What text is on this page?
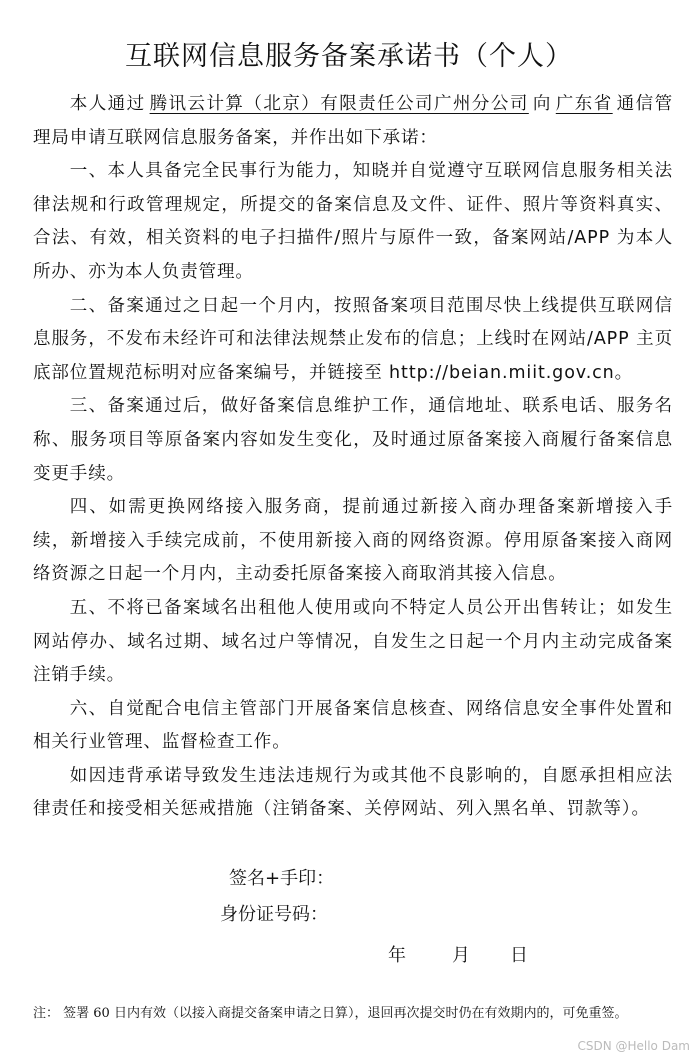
互联网信息服务备案承诺书（个人）

本人通过 腾讯云计算（北京）有限责任公司广州分公司 向 广东省 通信管理局申请互联网信息服务备案，并作出如下承诺：

一、本人具备完全民事行为能力，知晓并自觉遵守互联网信息服务相关法律法规和行政管理规定，所提交的备案信息及文件、证件、照片等资料真实、合法、有效，相关资料的电子扫描件/照片与原件一致，备案网站/APP 为本人所办、亦为本人负责管理。

二、备案通过之日起一个月内，按照备案项目范围尽快上线提供互联网信息服务，不发布未经许可和法律法规禁止发布的信息；上线时在网站/APP 主页底部位置规范标明对应备案编号，并链接至 http://beian.miit.gov.cn。

三、备案通过后，做好备案信息维护工作，通信地址、联系电话、服务名称、服务项目等原备案内容如发生变化，及时通过原备案接入商履行备案信息变更手续。

四、如需更换网络接入服务商，提前通过新接入商办理备案新增接入手续，新增接入手续完成前，不使用新接入商的网络资源。停用原备案接入商网络资源之日起一个月内，主动委托原备案接入商取消其接入信息。

五、不将已备案域名出租他人使用或向不特定人员公开出售转让；如发生网站停办、域名过期、域名过户等情况，自发生之日起一个月内主动完成备案注销手续。

六、自觉配合电信主管部门开展备案信息核查、网络信息安全事件处置和相关行业管理、监督检查工作。

如因违背承诺导致发生违法违规行为或其他不良影响的，自愿承担相应法律责任和接受相关惩戒措施（注销备案、关停网站、列入黑名单、罚款等）。

签名+手印：
身份证号码：
年	月 日
注： 签署 60 日内有效（以接入商提交备案申请之日算），退回再次提交时仍在有效期内的，可免重签。
CSDN @Hello Dam
